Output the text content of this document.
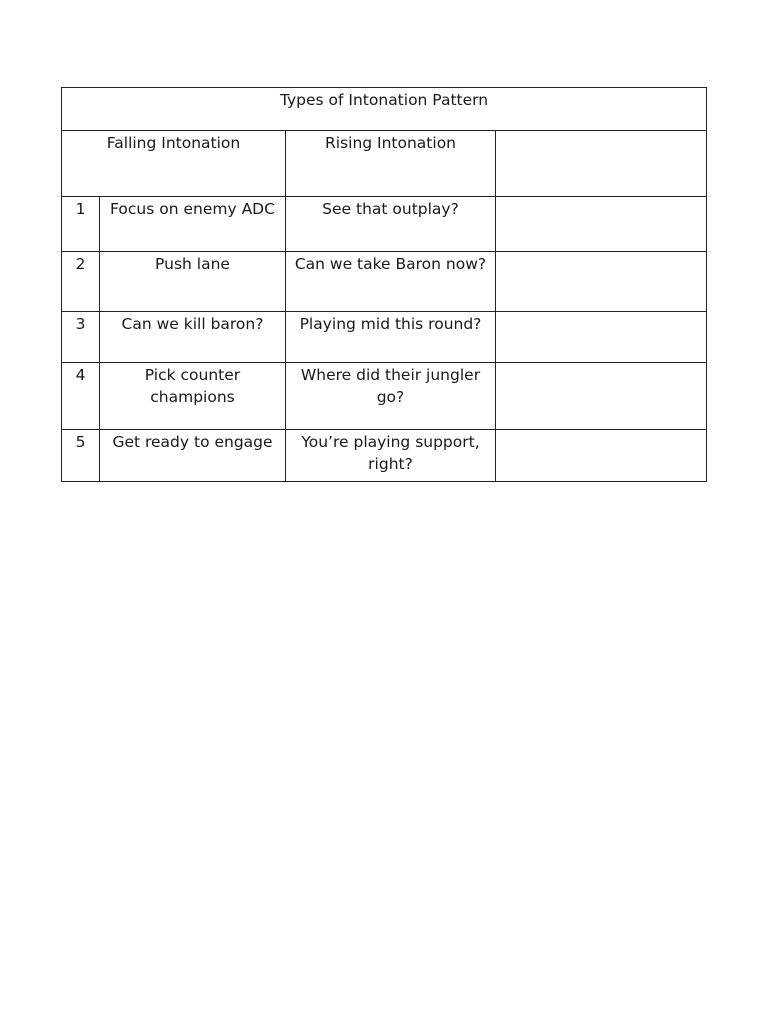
Types of Intonation Pattern			
Falling Intonation		Rising Intonation	
1	Focus on enemy ADC	See that outplay?	
2	Push lane	Can we take Baron now?	
3	Can we kill baron?	Playing mid this round?	
4	Pick counter champions	Where did their jungler go?	
5	Get ready to engage	You’re playing support, right?	
